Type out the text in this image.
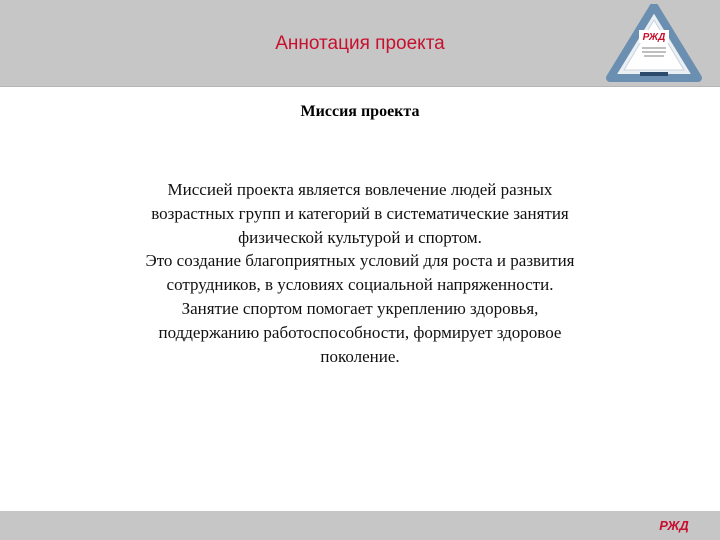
Аннотация проекта	РЖД
Миссия проекта
Миссией проекта является вовлечение людей разных
возрастных групп и категорий в систематические занятия
физической культурой и спортом.
Это создание благоприятных условий для роста и развития
сотрудников, в условиях социальной напряженности.
Занятие спортом помогает укреплению здоровья,
поддержанию работоспособности, формирует здоровое
поколение.
РЖД
